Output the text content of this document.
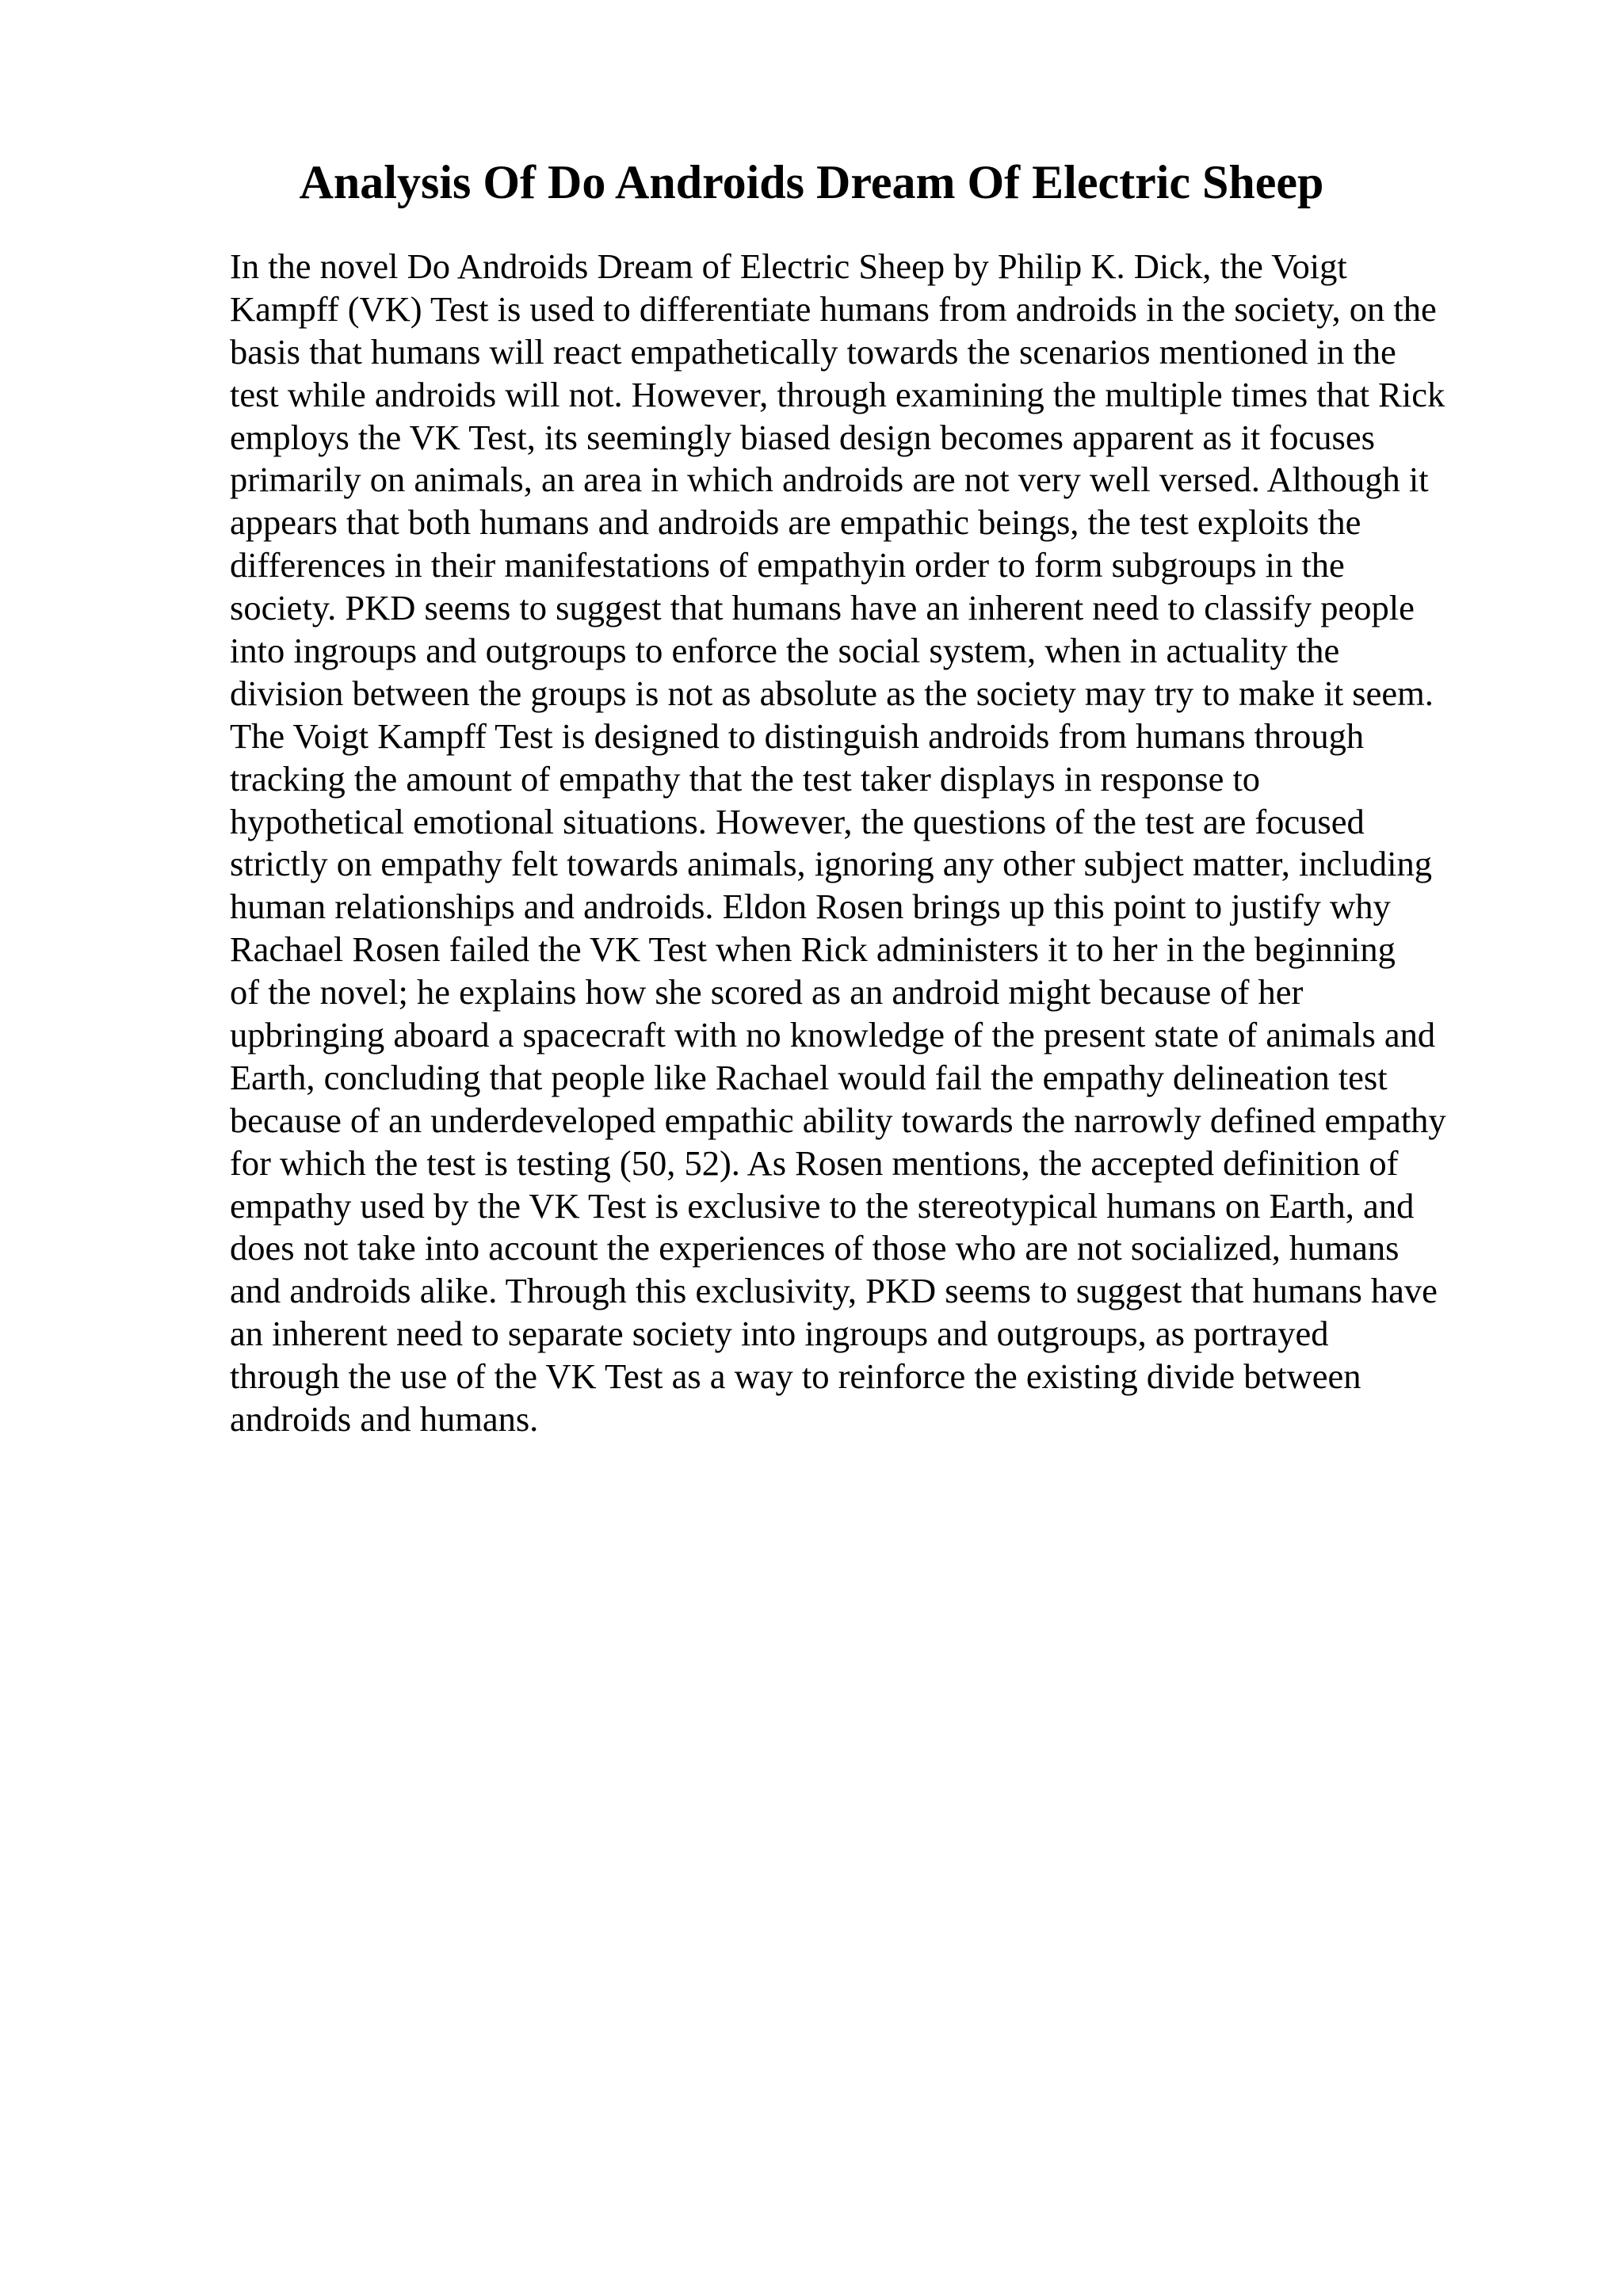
Analysis Of Do Androids Dream Of Electric Sheep
In the novel Do Androids Dream of Electric Sheep by Philip K. Dick, the Voigt
Kampff (VK) Test is used to differentiate humans from androids in the society, on the
basis that humans will react empathetically towards the scenarios mentioned in the
test while androids will not. However, through examining the multiple times that Rick
employs the VK Test, its seemingly biased design becomes apparent as it focuses
primarily on animals, an area in which androids are not very well versed. Although it
appears that both humans and androids are empathic beings, the test exploits the
differences in their manifestations of empathyin order to form subgroups in the
society. PKD seems to suggest that humans have an inherent need to classify people
into ingroups and outgroups to enforce the social system, when in actuality the
division between the groups is not as absolute as the society may try to make it seem.
The Voigt Kampff Test is designed to distinguish androids from humans through
tracking the amount of empathy that the test taker displays in response to
hypothetical emotional situations. However, the questions of the test are focused
strictly on empathy felt towards animals, ignoring any other subject matter, including
human relationships and androids. Eldon Rosen brings up this point to justify why
Rachael Rosen failed the VK Test when Rick administers it to her in the beginning
of the novel; he explains how she scored as an android might because of her
upbringing aboard a spacecraft with no knowledge of the present state of animals and
Earth, concluding that people like Rachael would fail the empathy delineation test
because of an underdeveloped empathic ability towards the narrowly defined empathy
for which the test is testing (50, 52). As Rosen mentions, the accepted definition of
empathy used by the VK Test is exclusive to the stereotypical humans on Earth, and
does not take into account the experiences of those who are not socialized, humans
and androids alike. Through this exclusivity, PKD seems to suggest that humans have
an inherent need to separate society into ingroups and outgroups, as portrayed
through the use of the VK Test as a way to reinforce the existing divide between
androids and humans.
